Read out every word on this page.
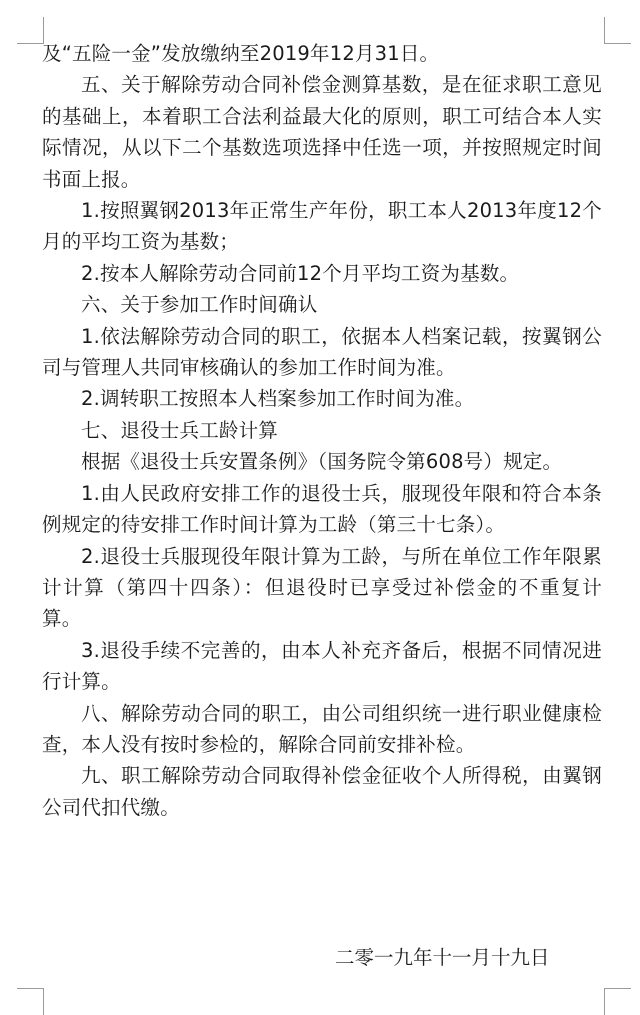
及“五险一金”发放缴纳至2019年12月31日。

五、关于解除劳动合同补偿金测算基数，是在征求职工意见的基础上，本着职工合法利益最大化的原则，职工可结合本人实际情况，从以下二个基数选项选择中任选一项，并按照规定时间书面上报。

1.按照翼钢2013年正常生产年份，职工本人2013年度12个月的平均工资为基数；

2.按本人解除劳动合同前12个月平均工资为基数。

六、关于参加工作时间确认

1.依法解除劳动合同的职工，依据本人档案记载，按翼钢公司与管理人共同审核确认的参加工作时间为准。

2.调转职工按照本人档案参加工作时间为准。

七、退役士兵工龄计算

根据《退役士兵安置条例》（国务院令第608号）规定。

1.由人民政府安排工作的退役士兵，服现役年限和符合本条例规定的待安排工作时间计算为工龄（第三十七条）。

2.退役士兵服现役年限计算为工龄，与所在单位工作年限累计计算（第四十四条）：但退役时已享受过补偿金的不重复计算。

3.退役手续不完善的，由本人补充齐备后，根据不同情况进行计算。

八、解除劳动合同的职工，由公司组织统一进行职业健康检查，本人没有按时参检的，解除合同前安排补检。

九、职工解除劳动合同取得补偿金征收个人所得税，由翼钢公司代扣代缴。

二零一九年十一月十九日
